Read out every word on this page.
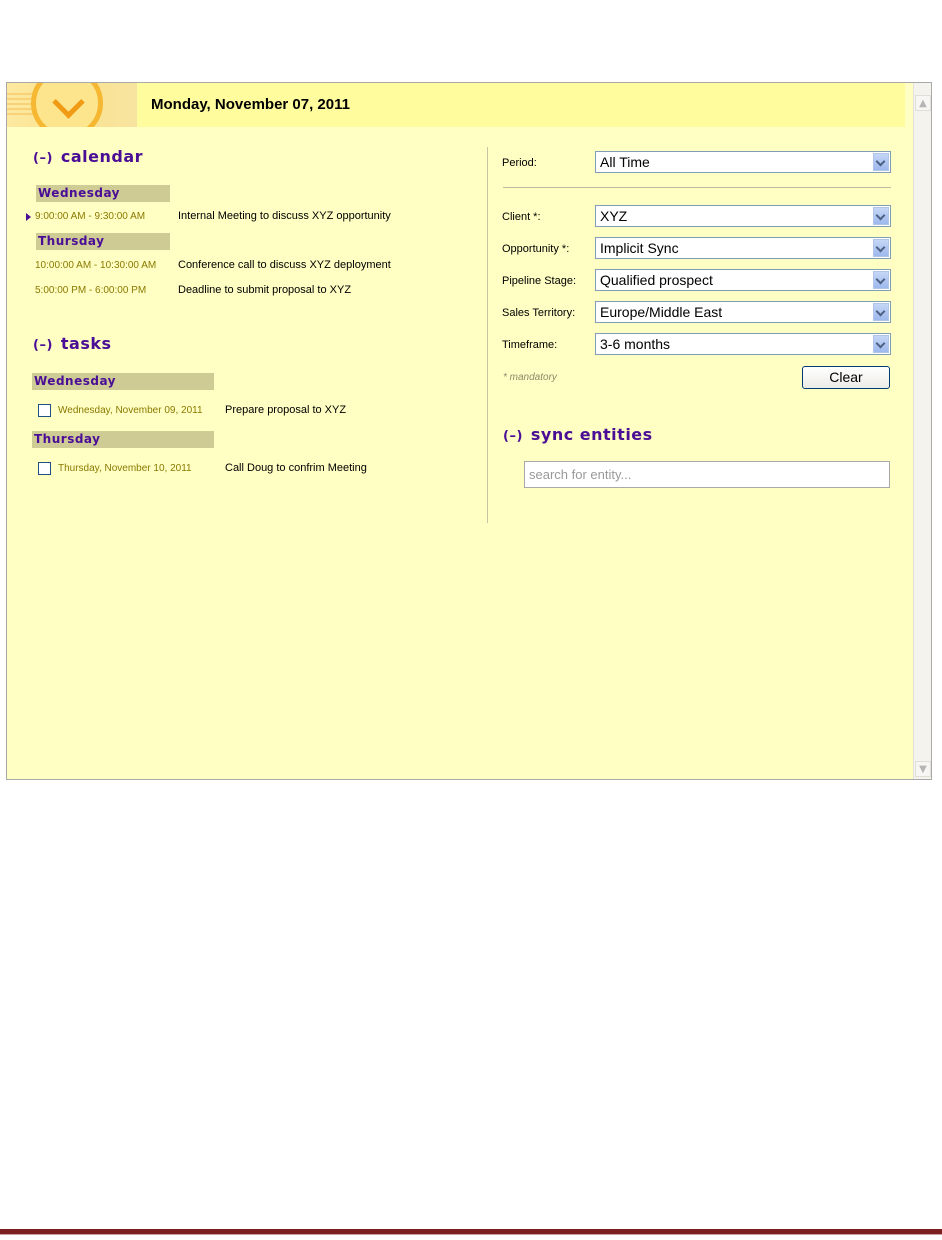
Monday, November 07, 2011	▲
▼
(–) calendar
Wednesday
9:00:00 AM - 9:30:00 AM	Internal Meeting to discuss XYZ opportunity
Thursday
10:00:00 AM - 10:30:00 AM Conference call to discuss XYZ deployment
5:00:00 PM - 6:00:00 PM	Deadline to submit proposal to XYZ
(–) tasks
Wednesday
Wednesday, November 09, 2011 Prepare proposal to XYZ
Thursday
Thursday, November 10, 2011	Call Doug to confrim Meeting
Period:	All Time
Client *:	XYZ
Opportunity *:	Implicit Sync
Pipeline Stage:	Qualified prospect
Sales Territory:	Europe/Middle East
Timeframe:	3-6 months
* mandatory	Clear
(–) sync entities
search for entity...
